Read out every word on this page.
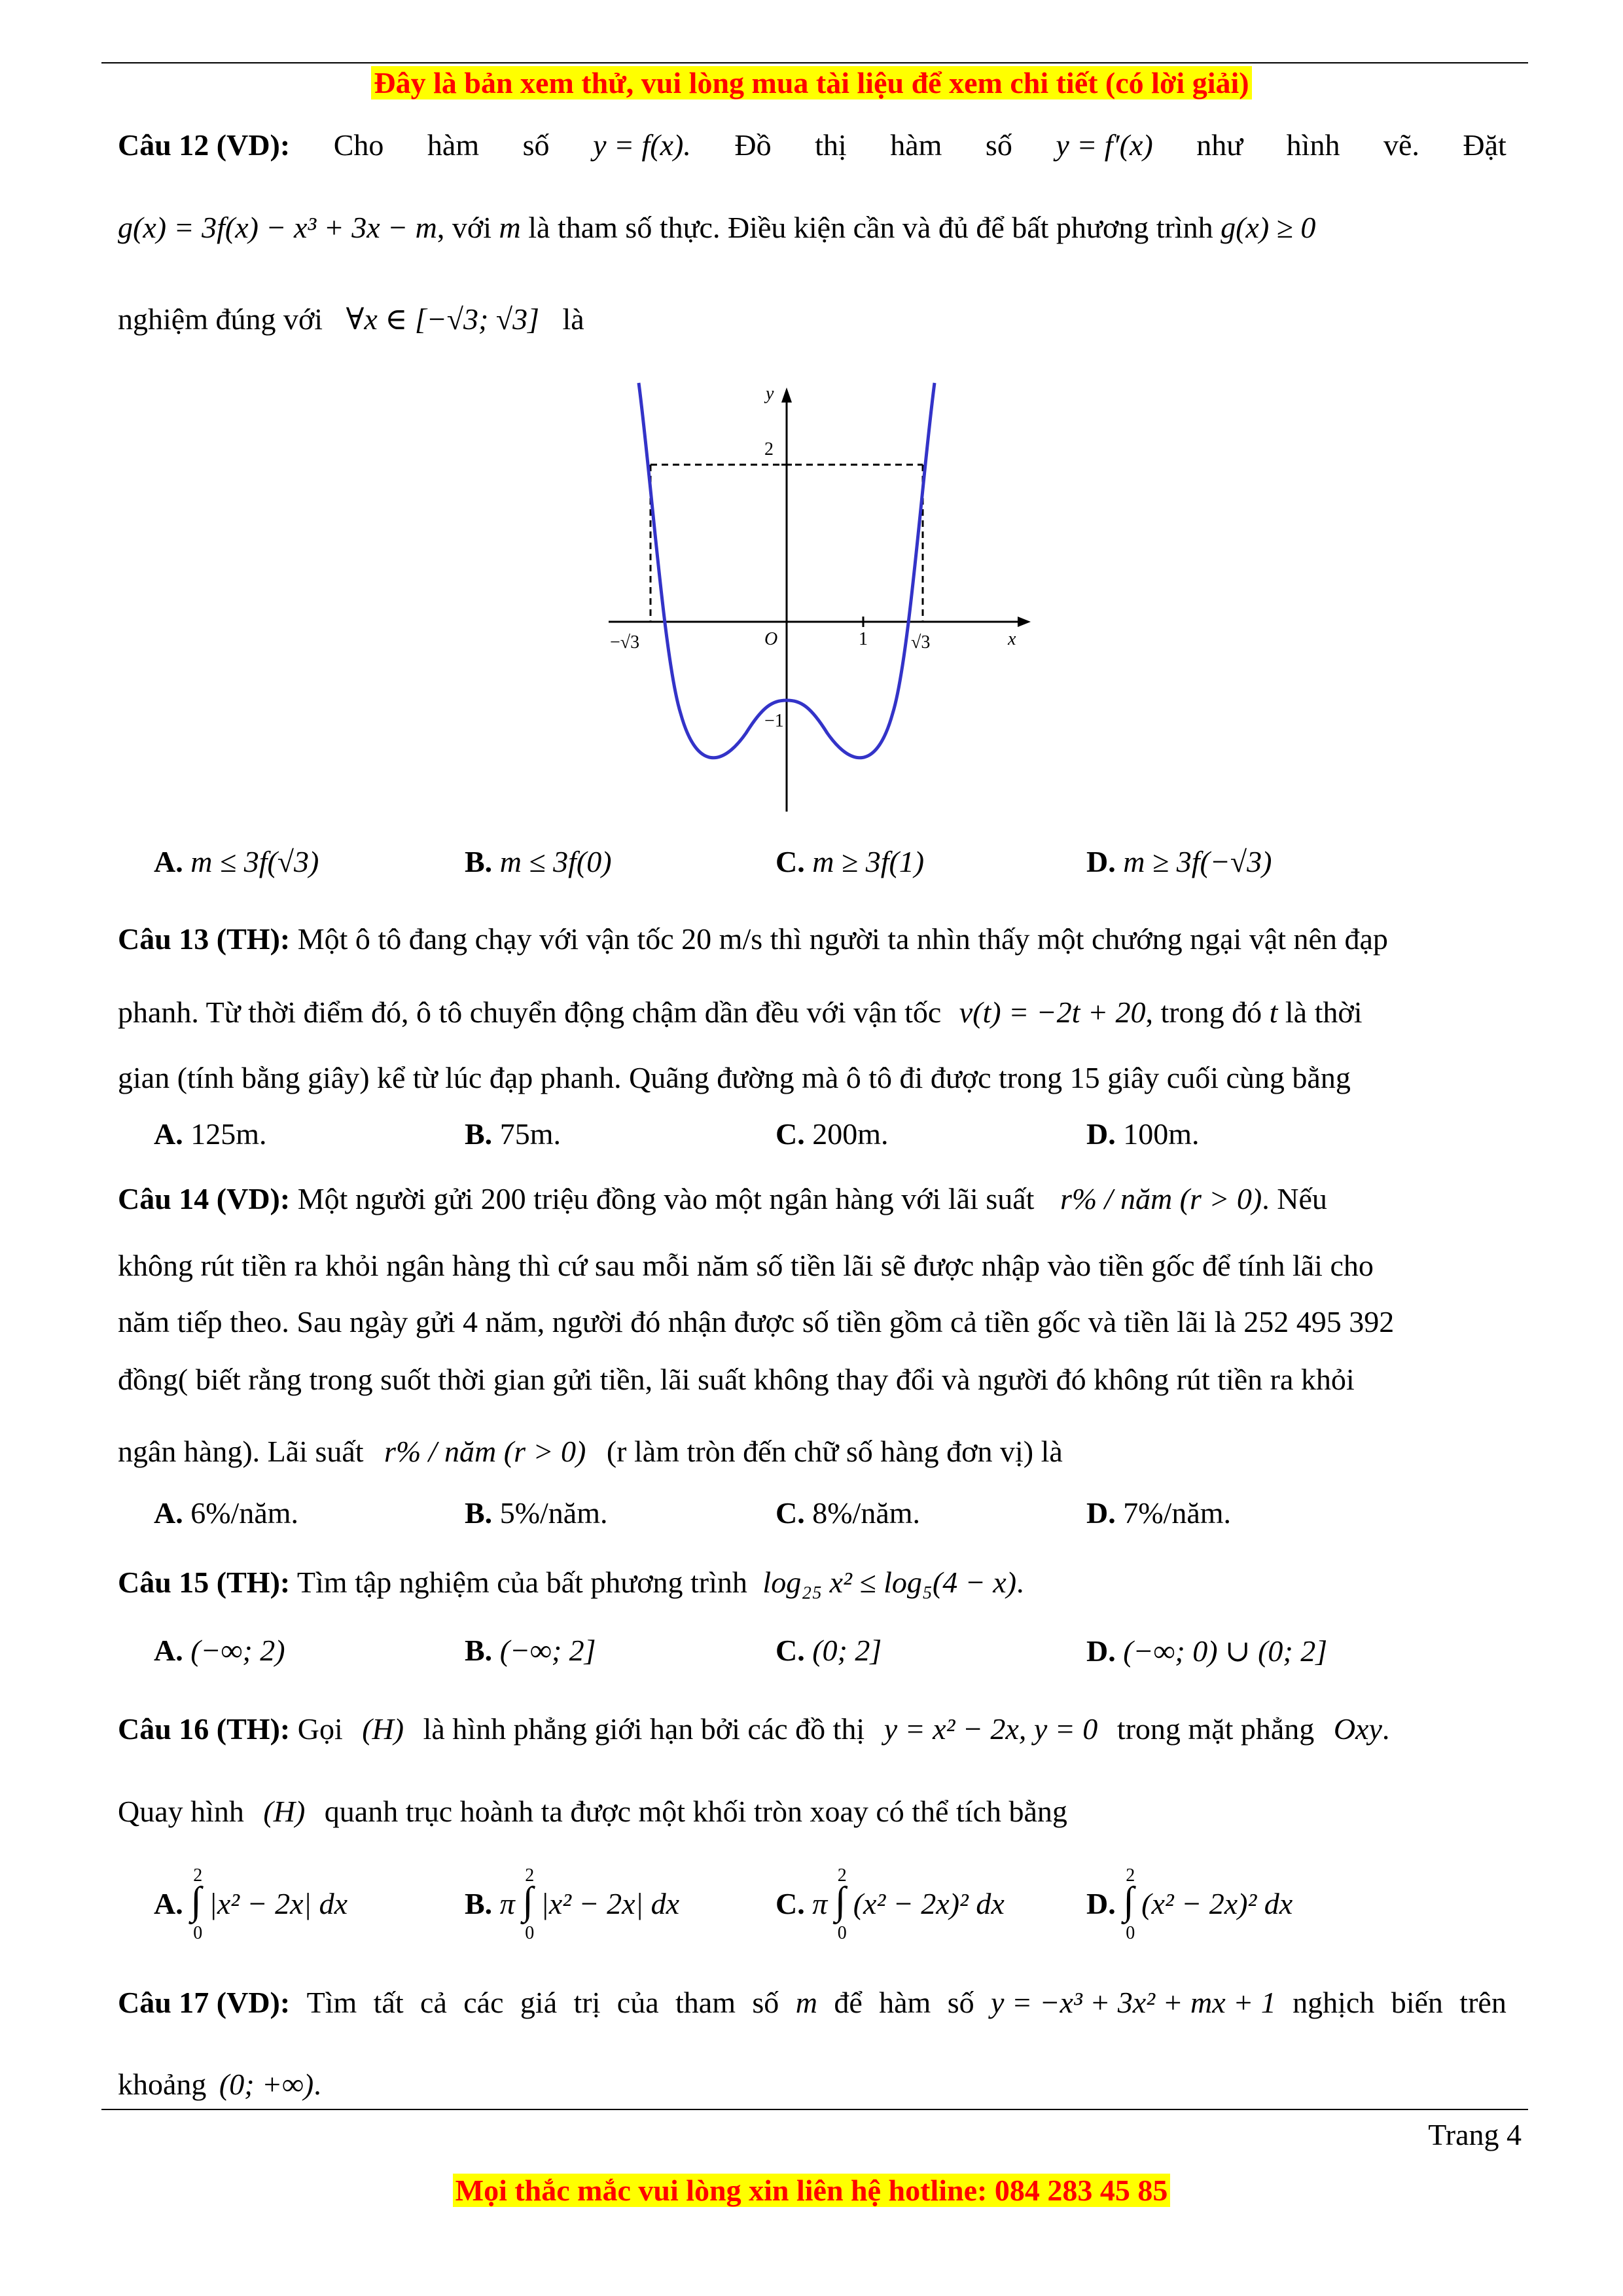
Đây là bản xem thử, vui lòng mua tài liệu để xem chi tiết (có lời giải)
Câu 12 (VD): Cho hàm số y = f(x). Đồ thị hàm số y = f′(x) như hình vẽ. Đặt
g(x) = 3f(x) − x³ + 3x − m, với m là tham số thực. Điều kiện cần và đủ để bất phương trình g(x) ≥ 0
nghiệm đúng với ∀x ∈ [−√3; √3] là
y
x
O
2
−1
1
−√3	√3
A. m ≤ 3f(√3)	B. m ≤ 3f(0)	C. m ≥ 3f(1)	D. m ≥ 3f(−√3)
Câu 13 (TH): Một ô tô đang chạy với vận tốc 20 m/s thì người ta nhìn thấy một chướng ngại vật nên đạp
phanh. Từ thời điểm đó, ô tô chuyển động chậm dần đều với vận tốc v(t) = −2t + 20, trong đó t là thời
gian (tính bằng giây) kể từ lúc đạp phanh. Quãng đường mà ô tô đi được trong 15 giây cuối cùng bằng
A. 125m.	B. 75m.	C. 200m.	D. 100m.
Câu 14 (VD): Một người gửi 200 triệu đồng vào một ngân hàng với lãi suất r% / năm (r > 0). Nếu
không rút tiền ra khỏi ngân hàng thì cứ sau mỗi năm số tiền lãi sẽ được nhập vào tiền gốc để tính lãi cho
năm tiếp theo. Sau ngày gửi 4 năm, người đó nhận được số tiền gồm cả tiền gốc và tiền lãi là 252 495 392
đồng( biết rằng trong suốt thời gian gửi tiền, lãi suất không thay đổi và người đó không rút tiền ra khỏi
ngân hàng). Lãi suất r% / năm (r > 0) (r làm tròn đến chữ số hàng đơn vị) là
A. 6%/năm.	B. 5%/năm.	C. 8%/năm.	D. 7%/năm.
Câu 15 (TH): Tìm tập nghiệm của bất phương trình log₂₅ x² ≤ log₅(4 − x).
A. (−∞; 2)	B. (−∞; 2]	C. (0; 2]	D. (−∞; 0) ∪ (0; 2]
Câu 16 (TH): Gọi (H) là hình phẳng giới hạn bởi các đồ thị y = x² − 2x, y = 0 trong mặt phẳng Oxy.
Quay hình (H) quanh trục hoành ta được một khối tròn xoay có thể tích bằng
A. ∫
2
0
|x² − 2x| dx	B. π ∫
2
0
|x² − 2x| dx	C. π ∫
2
0
(x² − 2x)² dx	D. ∫
2
0
(x² − 2x)² dx
Câu 17 (VD): Tìm tất cả các giá trị của tham số m để hàm số y = −x³ + 3x² + mx + 1 nghịch biến trên
khoảng (0; +∞).
Trang 4
Mọi thắc mắc vui lòng xin liên hệ hotline: 084 283 45 85
